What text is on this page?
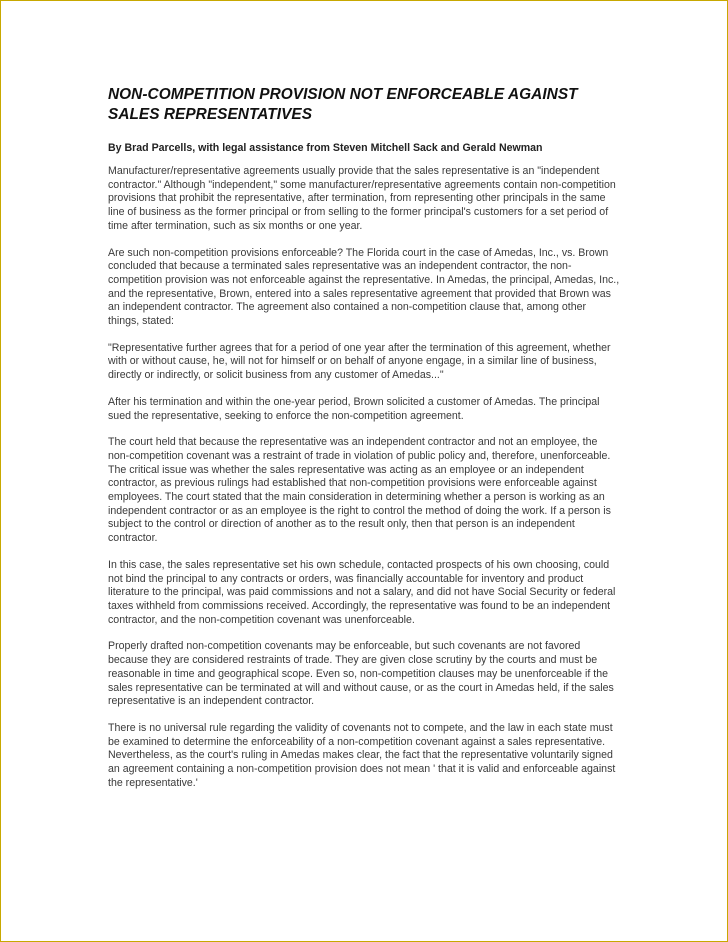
NON-COMPETITION PROVISION NOT ENFORCEABLE AGAINST SALES REPRESENTATIVES

By Brad Parcells, with legal assistance from Steven Mitchell Sack and Gerald Newman

Manufacturer/representative agreements usually provide that the sales representative is an "independent contractor." Although "independent," some manufacturer/representative agreements contain non-competition provisions that prohibit the representative, after termination, from representing other principals in the same line of business as the former principal or from selling to the former principal's customers for a set period of time after termination, such as six months or one year.

Are such non-competition provisions enforceable? The Florida court in the case of Amedas, Inc., vs. Brown concluded that because a terminated sales representative was an independent contractor, the non-competition provision was not enforceable against the representative. In Amedas, the principal, Amedas, Inc., and the representative, Brown, entered into a sales representative agreement that provided that Brown was an independent contractor. The agreement also contained a non-competition clause that, among other things, stated:

"Representative further agrees that for a period of one year after the termination of this agreement, whether with or without cause, he, will not for himself or on behalf of anyone engage, in a similar line of business, directly or indirectly, or solicit business from any customer of Amedas..."

After his termination and within the one-year period, Brown solicited a customer of Amedas. The principal sued the representative, seeking to enforce the non-competition agreement.

The court held that because the representative was an independent contractor and not an employee, the non-competition covenant was a restraint of trade in violation of public policy and, therefore, unenforceable. The critical issue was whether the sales representative was acting as an employee or an independent contractor, as previous rulings had established that non-competition provisions were enforceable against employees. The court stated that the main consideration in determining whether a person is working as an independent contractor or as an employee is the right to control the method of doing the work. If a person is subject to the control or direction of another as to the result only, then that person is an independent contractor.

In this case, the sales representative set his own schedule, contacted prospects of his own choosing, could not bind the principal to any contracts or orders, was financially accountable for inventory and product literature to the principal, was paid commissions and not a salary, and did not have Social Security or federal taxes withheld from commissions received. Accordingly, the representative was found to be an independent contractor, and the non-competition covenant was unenforceable.

Properly drafted non-competition covenants may be enforceable, but such covenants are not favored because they are considered restraints of trade. They are given close scrutiny by the courts and must be reasonable in time and geographical scope. Even so, non-competition clauses may be unenforceable if the sales representative can be terminated at will and without cause, or as the court in Amedas held, if the sales representative is an independent contractor.

There is no universal rule regarding the validity of covenants not to compete, and the law in each state must be examined to determine the enforceability of a non-competition covenant against a sales representative. Nevertheless, as the court's ruling in Amedas makes clear, the fact that the representative voluntarily signed an agreement containing a non-competition provision does not mean ' that it is valid and enforceable against the representative.'
